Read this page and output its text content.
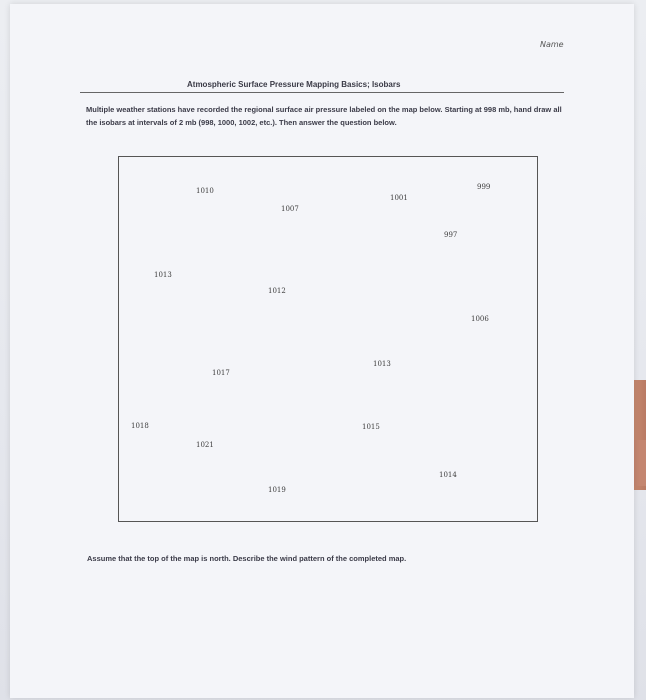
Name
Atmospheric Surface Pressure Mapping Basics; Isobars
Multiple weather stations have recorded the regional surface air pressure labeled on the map below. Starting at 998 mb, hand draw all the isobars at intervals of 2 mb (998, 1000, 1002, etc.). Then answer the question below.
1010
1007
1001
999
997
1013
1012
1006
1013
1017
1018	1015
1021
1014
1019
Assume that the top of the map is north. Describe the wind pattern of the completed map.
